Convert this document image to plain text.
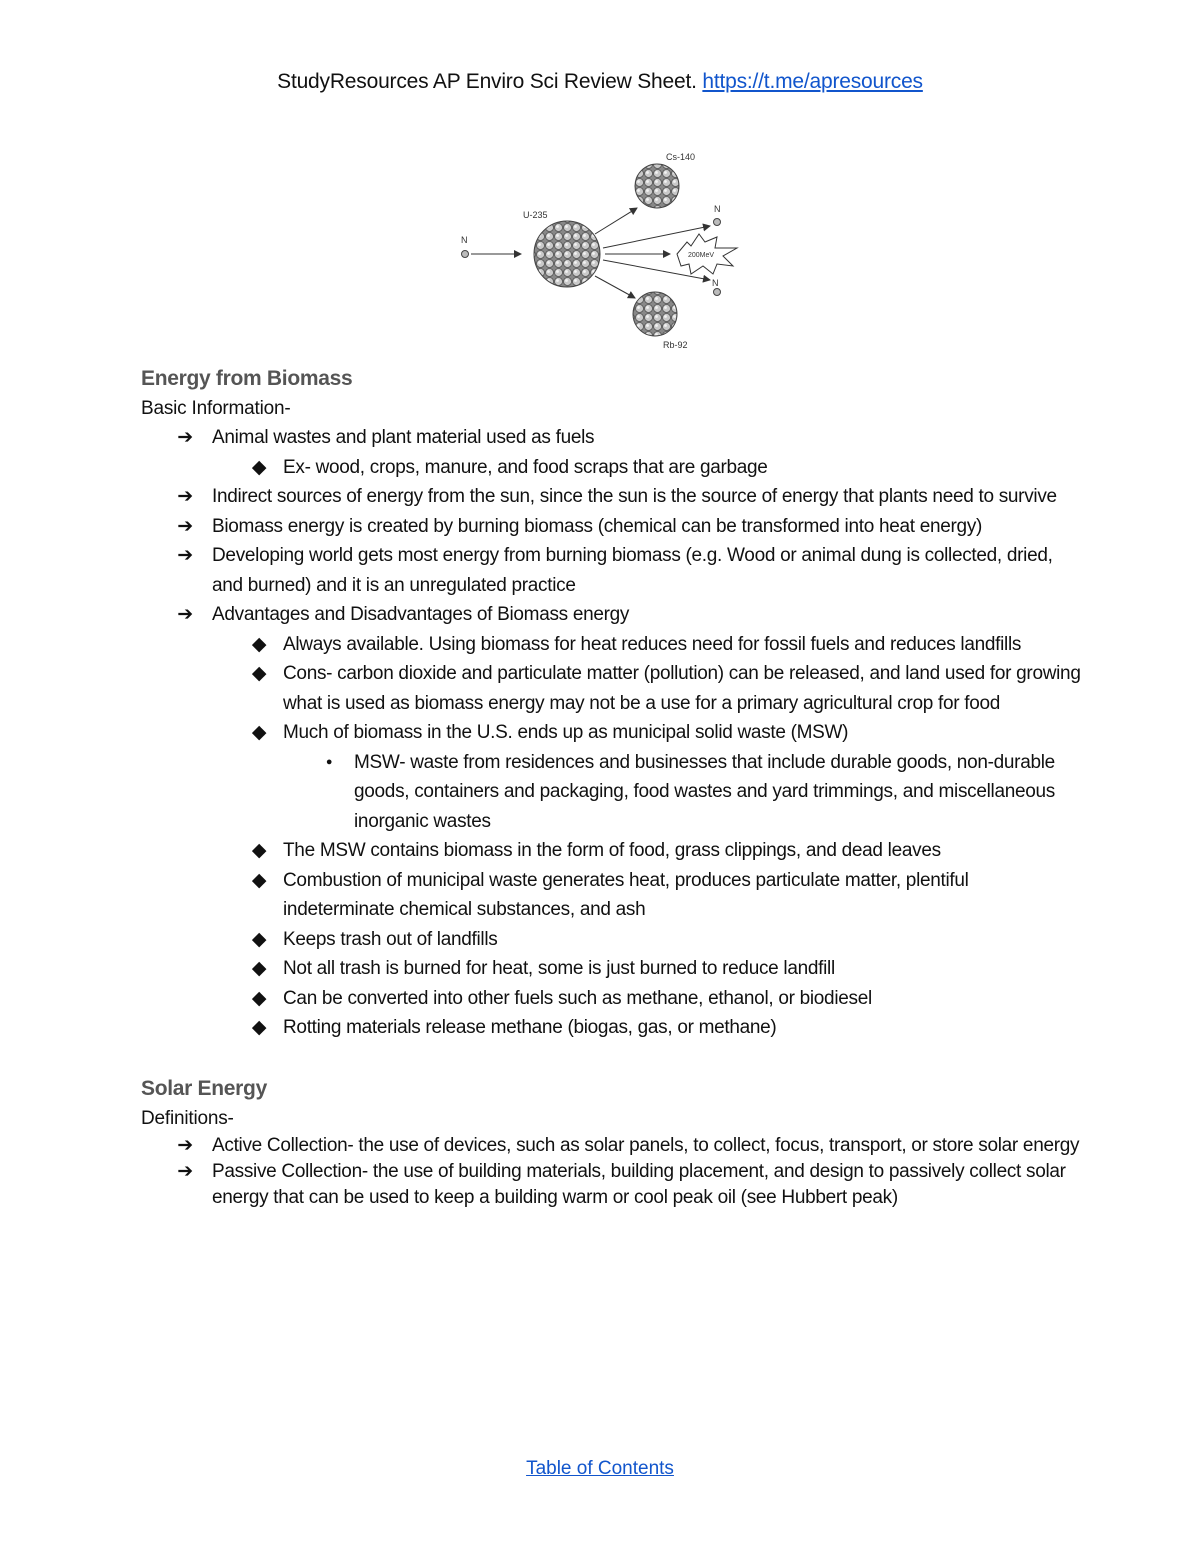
StudyResources AP Enviro Sci Review Sheet. https://t.me/apresources
N
U-235
Cs-140
N
N
200MeV
Rb-92
Energy from Biomass

Basic Information-

➔ Animal wastes and plant material used as fuels
◆ Ex- wood, crops, manure, and food scraps that are garbage
➔ Indirect sources of energy from the sun, since the sun is the source of energy that plants need to survive
➔ Biomass energy is created by burning biomass (chemical can be transformed into heat energy)
➔ Developing world gets most energy from burning biomass (e.g. Wood or animal dung is collected, dried, and burned) and it is an unregulated practice
➔ Advantages and Disadvantages of Biomass energy
◆ Always available. Using biomass for heat reduces need for fossil fuels and reduces landfills
◆ Cons- carbon dioxide and particulate matter (pollution) can be released, and land used for growing what is used as biomass energy may not be a use for a primary agricultural crop for food
◆ Much of biomass in the U.S. ends up as municipal solid waste (MSW)
●	MSW- waste from residences and businesses that include durable goods, non-durable goods, containers and packaging, food wastes and yard trimmings, and miscellaneous inorganic wastes
◆ The MSW contains biomass in the form of food, grass clippings, and dead leaves
◆ Combustion of municipal waste generates heat, produces particulate matter, plentiful indeterminate chemical substances, and ash
◆ Keeps trash out of landfills
◆ Not all trash is burned for heat, some is just burned to reduce landfill
◆ Can be converted into other fuels such as methane, ethanol, or biodiesel
◆ Rotting materials release methane (biogas, gas, or methane)
Solar Energy

Definitions-

➔ Active Collection- the use of devices, such as solar panels, to collect, focus, transport, or store solar energy
➔ Passive Collection- the use of building materials, building placement, and design to passively collect solar energy that can be used to keep a building warm or cool peak oil (see Hubbert peak)
Table of Contents
